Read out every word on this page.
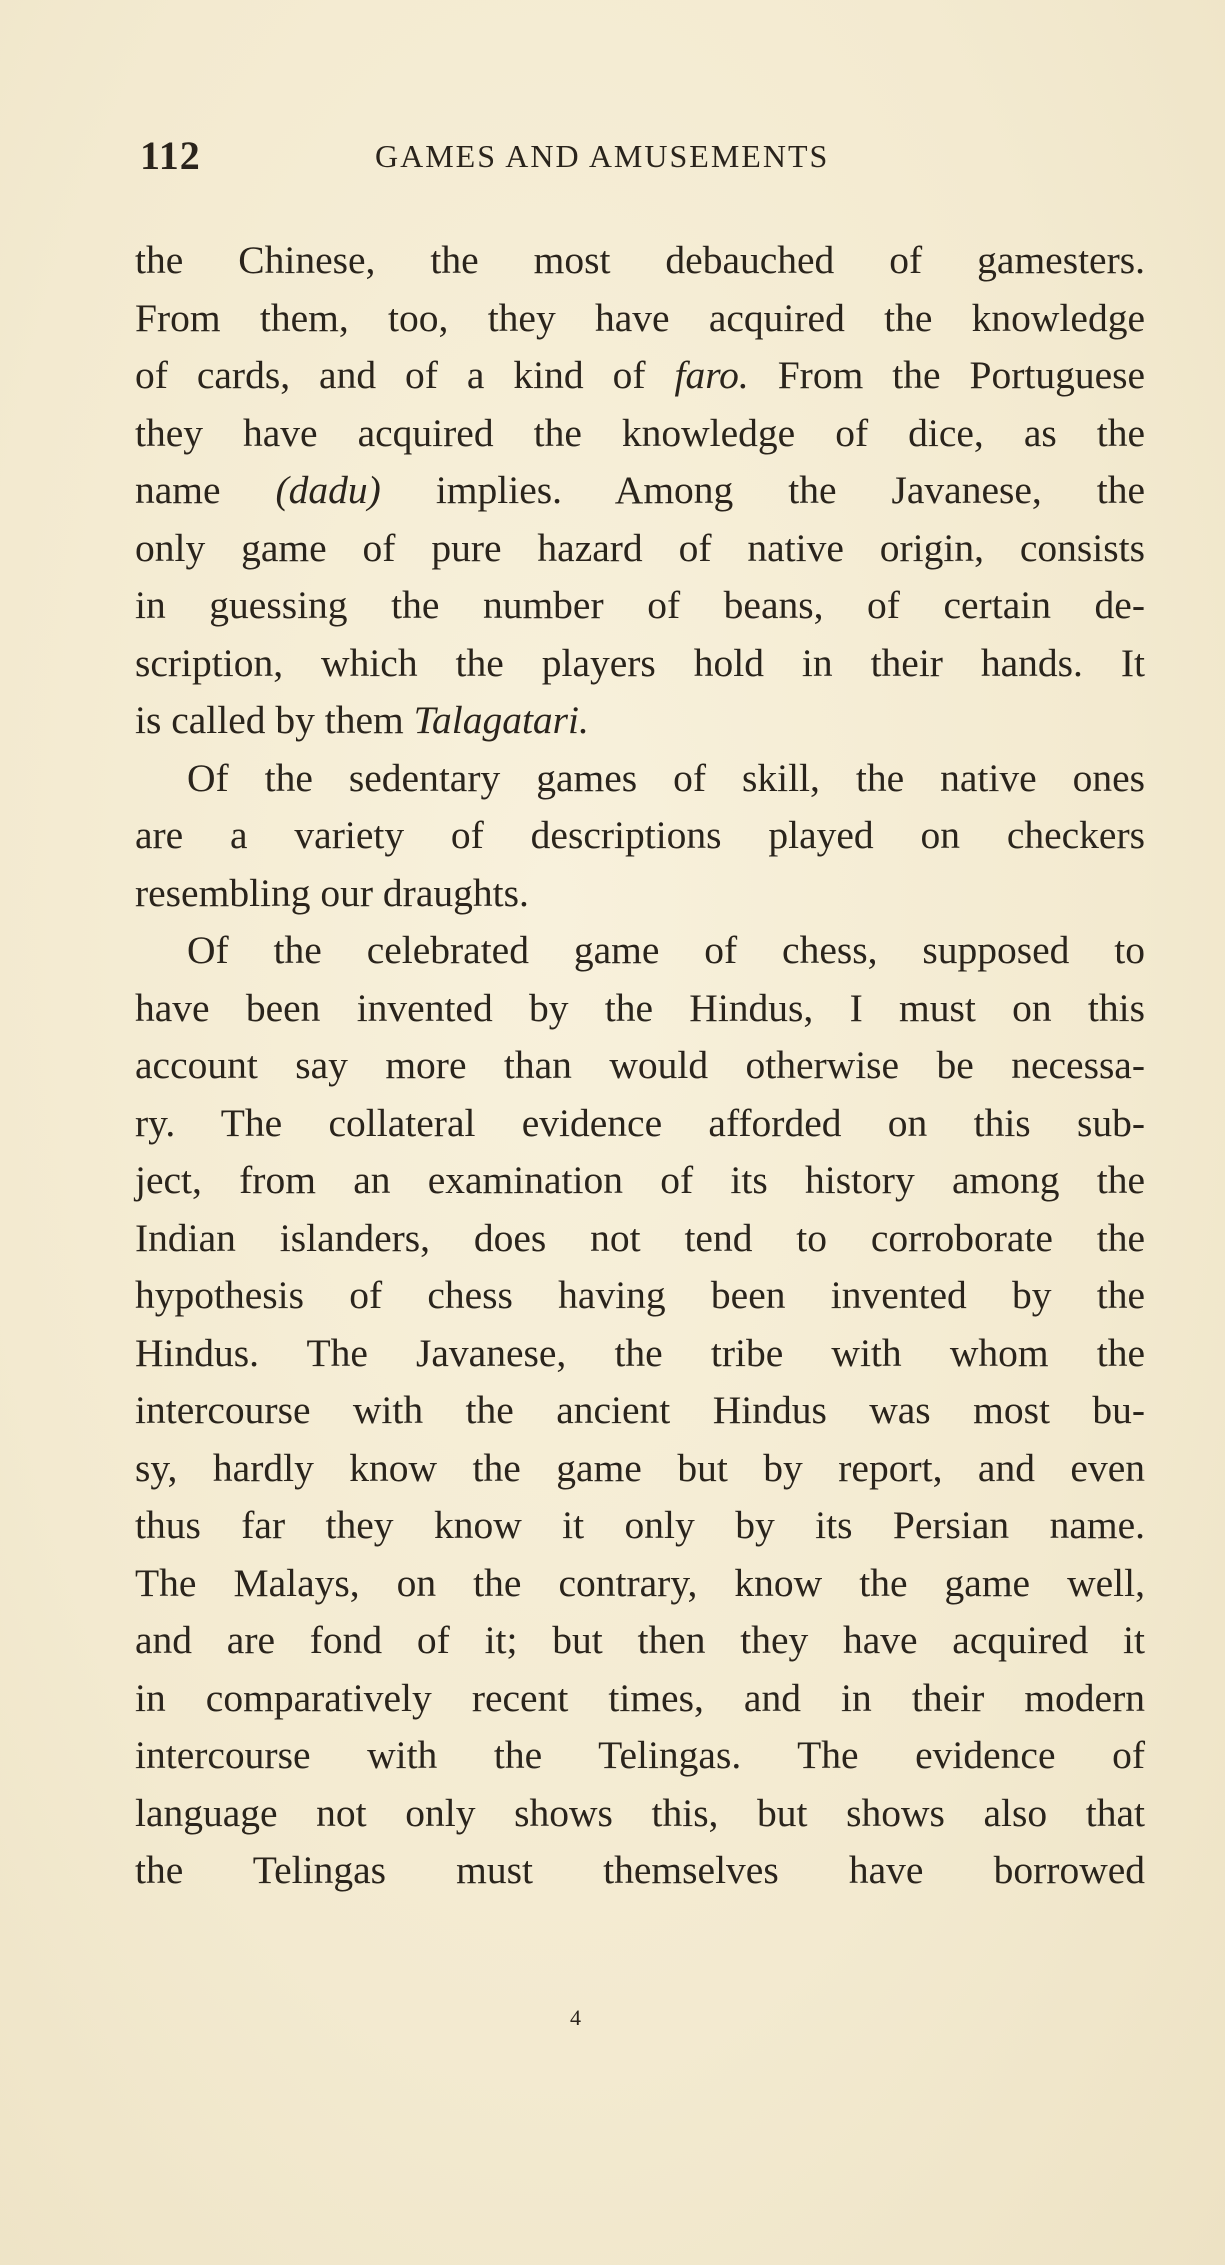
112	GAMES AND AMUSEMENTS
the Chinese, the most debauched of gamesters.
From them, too, they have acquired the knowledge
of cards, and of a kind of faro. From the Portuguese
they have acquired the knowledge of dice, as the
name (dadu) implies. Among the Javanese, the
only game of pure hazard of native origin, consists
in guessing the number of beans, of certain de-
scription, which the players hold in their hands. It
is called by them Talagatari.
Of the sedentary games of skill, the native ones
are a variety of descriptions played on checkers
resembling our draughts.
Of the celebrated game of chess, supposed to
have been invented by the Hindus, I must on this
account say more than would otherwise be necessa-
ry. The collateral evidence afforded on this sub-
ject, from an examination of its history among the
Indian islanders, does not tend to corroborate the
hypothesis of chess having been invented by the
Hindus. The Javanese, the tribe with whom the
intercourse with the ancient Hindus was most bu-
sy, hardly know the game but by report, and even
thus far they know it only by its Persian name.
The Malays, on the contrary, know the game well,
and are fond of it; but then they have acquired it
in comparatively recent times, and in their modern
intercourse with the Telingas. The evidence of
language not only shows this, but shows also that
the Telingas must themselves have borrowed
4
